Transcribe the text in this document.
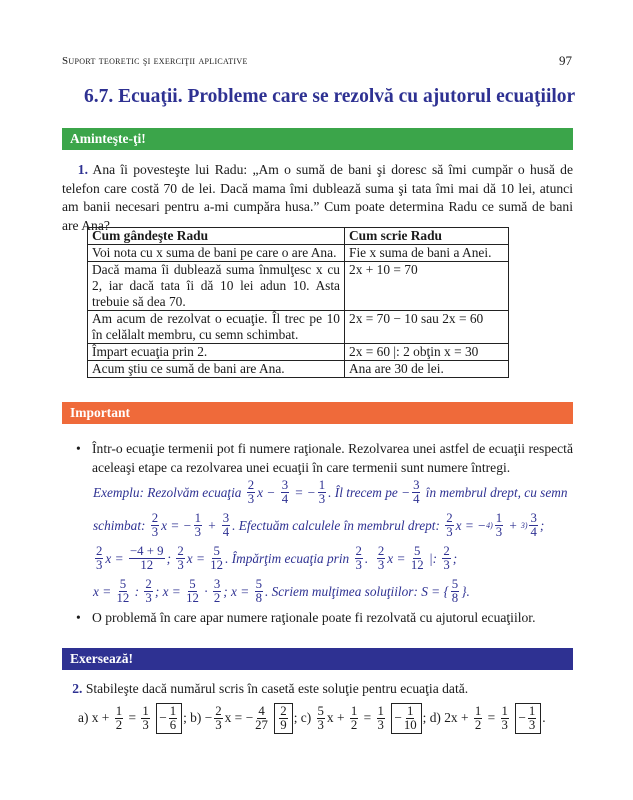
Suport teoretic şi exerciţii aplicative	97
6.7. Ecuaţii. Probleme care se rezolvă cu ajutorul ecuaţiilor
Aminteşte-ţi!
1. Ana îi povesteşte lui Radu: „Am o sumă de bani şi doresc să îmi cumpăr o husă de telefon care costă 70 de lei. Dacă mama îmi dublează suma şi tata îmi mai dă 10 lei, atunci am banii necesari pentru a-mi cumpăra husa.” Cum poate determina Radu ce sumă de bani are Ana?
Cum gândeşte Radu	Cum scrie Radu
Voi nota cu x suma de bani pe care o are Ana.	Fie x suma de bani a Anei.
Dacă mama îi dublează suma înmulţesc x cu 2, iar dacă tata îi dă 10 lei adun 10. Asta trebuie să dea 70.	2x + 10 = 70
Am acum de rezolvat o ecuaţie. Îl trec pe 10 în celălalt membru, cu semn schimbat.	2x = 70 − 10 sau 2x = 60
Împart ecuaţia prin 2.	2x = 60 |: 2 obţin x = 30
Acum ştiu ce sumă de bani are Ana.	Ana are 30 de lei.
Important
• Într-o ecuaţie termenii pot fi numere raţionale. Rezolvarea unei astfel de ecuaţii respectă aceleaşi etape ca rezolvarea unei ecuaţii în care termenii sunt numere întregi.
Exemplu: Rezolvăm ecuaţia $\frac{2}{3}$ $x - \frac{3}{4}$ = − $\frac{1}{3}$ . Îl trecem pe − $\frac{3}{4}$ în membrul drept, cu semn
schimbat: $\frac{2}{3}$ x = − $\frac{1}{3} + \frac{3}{4}$ . Efectuăm calculele în membrul drept: $\frac{2}{3}$ x = − $4) \frac{1}{3} + 3) \frac{3}{4}$ ;
$\frac{2}{3}$ $x = \frac{-4 + 9}{12}$ ; $\frac{2}{3}$ $x = \frac{5}{12}$ . Împărţim ecuaţia prin $\frac{2}{3}$ . $\frac{2}{3}$ $x = \frac{5}{12}$ |: $\frac{2}{3}$ ;
$x = \frac{5}{12}$ : $\frac{2}{3}$ ; $x = \frac{5}{12} \cdot \frac{3}{2}$ ; $x = \frac{5}{8}$ . Scriem mulţimea soluţiilor: S = { $\frac{5}{8}$ }.
• O problemă în care apar numere raţionale poate fi rezolvată cu ajutorul ecuaţiilor.
Exersează!
2. Stabileşte dacă numărul scris în casetă este soluţie pentru ecuaţia dată.
a) $x + \frac{1}{2} = \frac{1}{3}$
− $\frac{1}{6}$ ; $b) - \frac{2}{3}$ x = − $\frac{4}{27}$
$\frac{2}{9}$ ; $c) \frac{5}{3}$ $x + \frac{1}{2} = \frac{1}{3}$
− $\frac{1}{10}$ ; d) $2x + \frac{1}{2} = \frac{1}{3}$
− $\frac{1}{3}$ .
